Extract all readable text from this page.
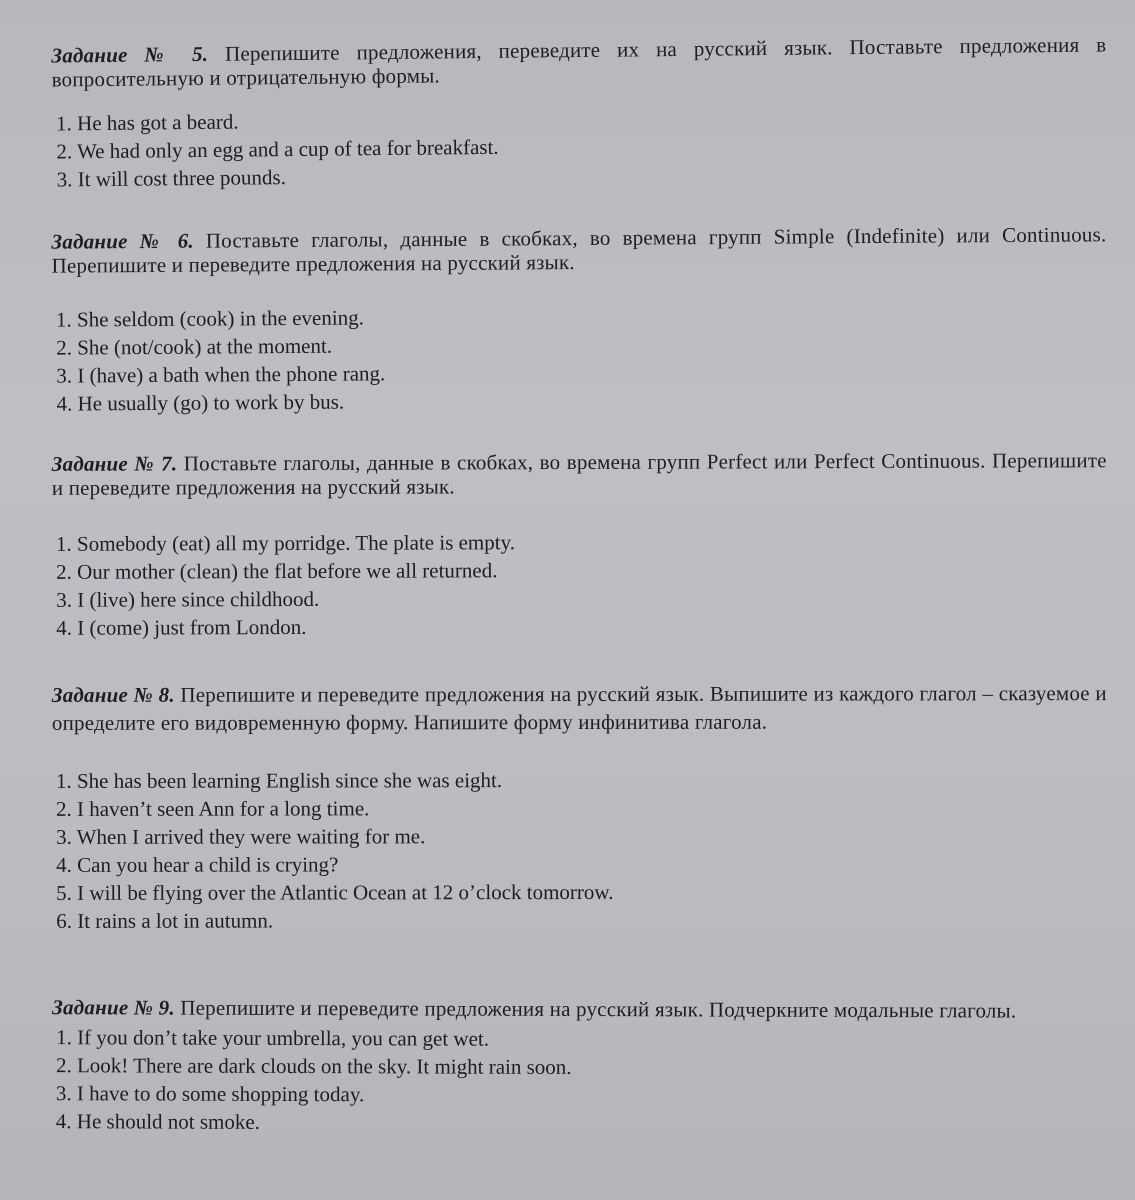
Задание № 5. Перепишите предложения, переведите их на русский язык. Поставьте предложения в вопросительную и отрицательную формы.
1. He has got a beard.
2. We had only an egg and a cup of tea for breakfast.
3. It will cost three pounds.
Задание № 6. Поставьте глаголы, данные в скобках, во времена групп Simple (Indefinite) или Continuous. Перепишите и переведите предложения на русский язык.
1. She seldom (cook) in the evening.
2. She (not/cook) at the moment.
3. I (have) a bath when the phone rang.
4. He usually (go) to work by bus.
Задание № 7. Поставьте глаголы, данные в скобках, во времена групп Perfect или Perfect Continuous. Перепишите и переведите предложения на русский язык.
1. Somebody (eat) all my porridge. The plate is empty.
2. Our mother (clean) the flat before we all returned.
3. I (live) here since childhood.
4. I (come) just from London.
Задание № 8. Перепишите и переведите предложения на русский язык. Выпишите из каждого глагол – сказуемое и определите его видовременную форму. Напишите форму инфинитива глагола.
1. She has been learning English since she was eight.
2. I haven’t seen Ann for a long time.
3. When I arrived they were waiting for me.
4. Can you hear a child is crying?
5. I will be flying over the Atlantic Ocean at 12 o’clock tomorrow.
6. It rains a lot in autumn.
Задание № 9. Перепишите и переведите предложения на русский язык. Подчеркните модальные глаголы.
1. If you don’t take your umbrella, you can get wet.
2. Look! There are dark clouds on the sky. It might rain soon.
3. I have to do some shopping today.
4. He should not smoke.
